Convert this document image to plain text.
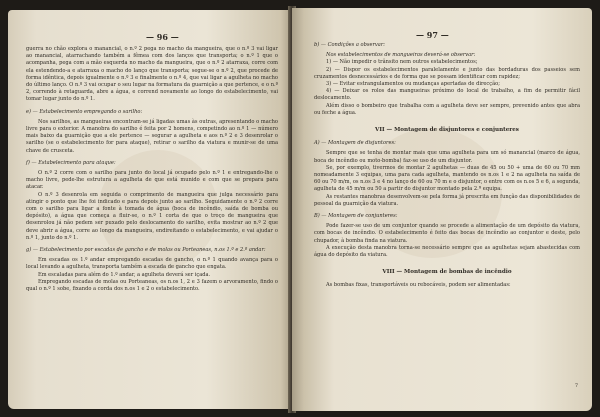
— 96 —

guerra no chão explora o manancial, o n.º 2 pega no macho da mangueira, que o n.º 3 vai ligar ao manancial, atarrachando também a fêmea com dos lanços que transporta; o n.º 1 que o acompanha, pega com a mão esquerda no macho da mangueira, que o n.º 2 atarraxa, corre com ela estendendo-a e atarraxa o macho do lanço que transporta; segue-se o n.º 2, que procede de forma idêntica, depois igualmente o n.º 3 e finalmente o n.º 4, que vai ligar a agulheta no macho do último lanço. O n.º 3 vai ocupar o seu lugar na formatura da guarnição a que pertence, e o n.º 2, correndo à retaguarda, abre a água, e corrend novamente ao longo do estabelecimento, vai tomar lugar junto do n.º 1.

e) — Estabelecimento empregando o sarilho:

Nos sarilhos, as mangueiras encontram-se já ligadas umas às outras, apresentando o macho livre para o exterior. A manobra do sarilho é feita por 2 homens, competindo ao n.º 1 — número mais baixo da guarnição que a ele pertence — segurar a agulheta e aos n.º 2 e 3 desenrolar o sarilho (se o estabelecimento for para ataque), retirar o sarilho da viatura e munir-se de uma chave de crusceta.

f) — Estabelecimento para ataque:

O n.º 2 corre com o sarilho para junto do local já ocupado pelo n.º 1 e entregando-lhe o macho livre, pede-lhe estrutura a agulheta de que está munido e com que se prepara para atacar.

O n.º 3 desenrola em seguida o comprimento de mangueira que julga necessário para atingir o ponto que lhe foi indicado e para depois junto ao sarilho. Seguidamente o n.º 2 corre com o sarilho para ligar a fonte à tomada de água (boca de incêndio, saída de bomba ou depósito), a água que começa a fluir-se, o n.º 1 corta de que o troço de mangueira que desenrolou já não pedem ser puxado pelo deslocamento do sarilho, evita mostrar ao n.º 2 que deve abrir a água, corre ao longo da mangueira, endireitando o estabelecimento, e vai ajudar o n.º 1, junto do n.º 1.

g) — Estabelecimento por escadas de gancho e de molas ou Porteaneas, n.os 1.º e 2.º andar:

Em escadas os 1.º andar empregando escadas de gancho, o n.º 1 quando avança para o local levando a agulheta, transporta também a escada de gancho que engata.

Em escaladas para além do 1.º andar, a agulheta deverá ser içada.

Empregando escadas de molas ou Porteaneas, os n.os 1, 2 e 3 fazem o arvoramento, findo o qual o n.º 1 sobe, fixando a corda dos n.os 1 e 2 o estabelecimento.

— 97 —
b) — Condições a observar:

Nos estabelecimentos de mangueiras deverá-se observar:

1) — Não impedir o trânsito nem outros estabelecimentos;

2) — Dispor os estabelecimentos paralelamente e junto das bordaduras dos passeios sem cruzamentos desnecessários e de forma que se possam identificar com rapidez;

3) — Evitar estrangulamentos ou mudanças apertadas de direcção;

4) — Deixar os rolos das mangueiras próximo do local de trabalho, a fim de permitir fácil deslocamento.

Além disso o bombeiro que trabalha com a agulheta deve ser sempre, prevenido antes que abra ou feche a água.

VII — Montagem de disjuntores e conjunteres
A) — Montagem de disjuntores:

Sempre que se tenha de montar mais que uma agulheta para um só manancial (marco de água, boca de incêndio ou moto-bomba) faz-se uso de um disjuntor.

Se, por exemplo, tivermos de montar 2 agulhetas — duas de 45 ou 50 + uma de 60 ou 70 mm nomeadamente 3 equipas, uma para cada agulheta, mantendo os n.os 1 e 2 na agulheta na saída de 60 ou 70 m/m, os n.os 3 e 4 no lanço de 60 ou 70 m e o disjuntor, o entre com os n.os 5 e 6, a segunda, agulheta de 45 m/m ou 50 a partir do disjuntor montado pela 2.ª equipa.

As restantes manobras desenvolvem-se pela forma já prescrita em função das disponibilidades de pessoal da guarnição da viatura.

B) — Montagem de conjunteres:

Pode fazer-se uso de um conjuntor quando se procede a alimentação de um depósito da viatura, com bocas de incêndio. O estabelecimento é feito das bocas de incêndio ao conjuntor e deste, pelo chupador, à bomba finda na viatura.

A execução desta manobra torna-se necessário sempre que as agulhetas sejam abastecidas com água do depósito da viatura.

VIII — Montagem de bombas de incêndio

As bombas fixas, transportáveis ou rebocáveis, podem ser alimentadas:

7
